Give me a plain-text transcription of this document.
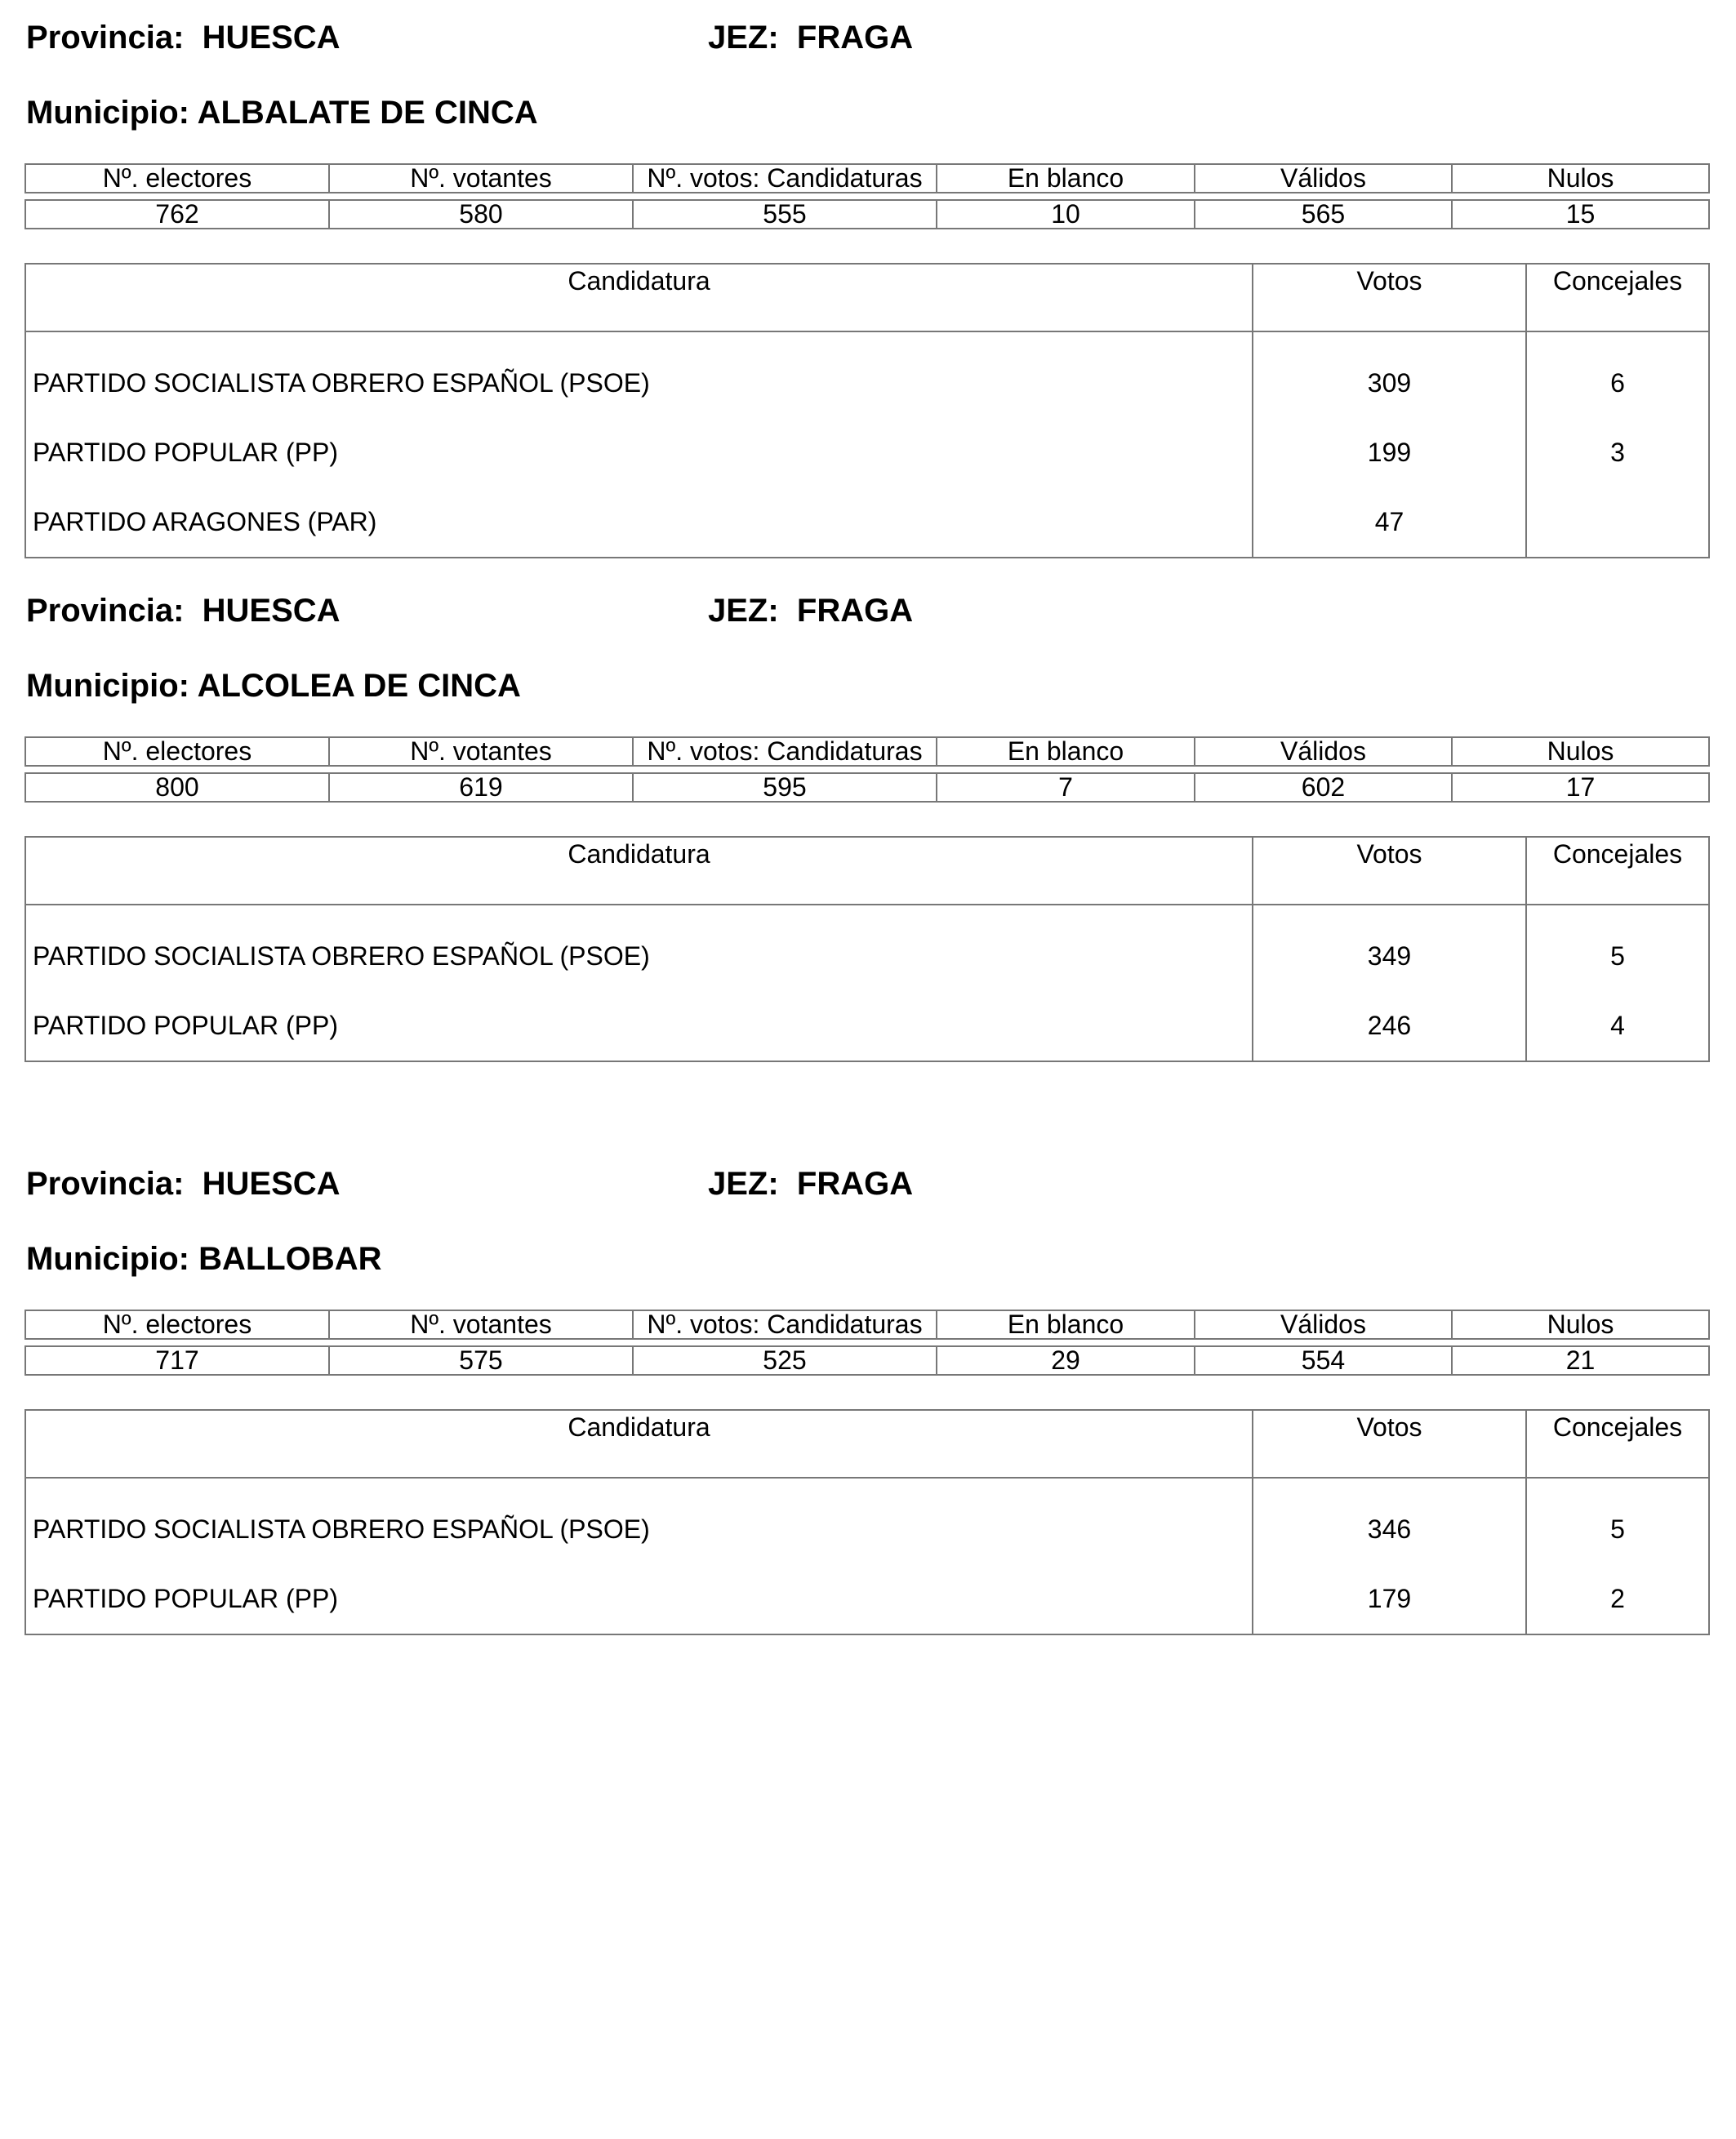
Provincia: HUESCA	JEZ: FRAGA
Municipio: ALBALATE DE CINCA
Nº. electores	Nº. votantes	Nº. votos: Candidaturas	En blanco	Válidos	Nulos

762	580	555	10	565	15
Candidatura	Votos	Concejales
PARTIDO SOCIALISTA OBRERO ESPAÑOL (PSOE)	309	6
PARTIDO POPULAR (PP)	199	3
PARTIDO ARAGONES (PAR)	47	
Provincia: HUESCA	JEZ: FRAGA
Municipio: ALCOLEA DE CINCA
Nº. electores	Nº. votantes	Nº. votos: Candidaturas	En blanco	Válidos	Nulos

800	619	595	7	602	17
Candidatura	Votos	Concejales
PARTIDO SOCIALISTA OBRERO ESPAÑOL (PSOE)	349	5
PARTIDO POPULAR (PP)	246	4
Provincia: HUESCA	JEZ: FRAGA
Municipio: BALLOBAR
Nº. electores	Nº. votantes	Nº. votos: Candidaturas	En blanco	Válidos	Nulos

717	575	525	29	554	21
Candidatura	Votos	Concejales
PARTIDO SOCIALISTA OBRERO ESPAÑOL (PSOE)	346	5
PARTIDO POPULAR (PP)	179	2
